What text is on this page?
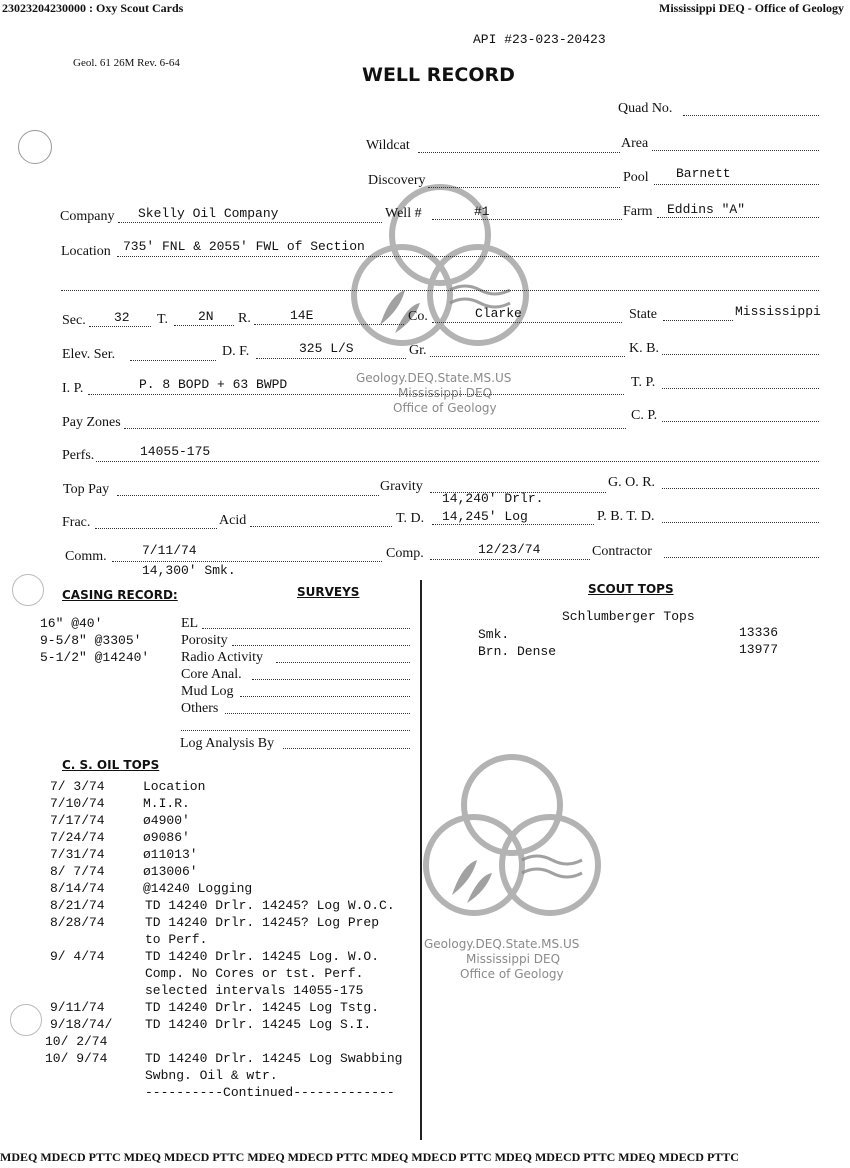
23023204230000 : Oxy Scout Cards	Mississippi DEQ - Office of Geology
Geology.DEQ.State.MS.US
Mississippi DEQ
Office of Geology
Geology.DEQ.State.MS.US
Mississippi DEQ
Office of Geology
API #23-023-20423
Geol. 61 26M Rev. 6-64
WELL RECORD
Quad No.
Wildcat	Area
Discovery	Pool Barnett
Company Skelly Oil Company	Well #	#1	Farm Eddins "A"
Location 735' FNL & 2055' FWL of Section
Sec. 32 T. 2N R.	14E	Co.	Clarke	State	Mississippi
Elev. Ser.	D. F.	325 L/S	Gr.	K. B.
I. P.	P. 8 BOPD + 63 BWPD	T. P.
Pay Zones	C. P.
Perfs.	14055-175
Top Pay	Gravity	G. O. R.
Frac.	Acid	T. D.
14,240' Drlr.
14,245' Log	P. B. T. D.
Comm.	7/11/74
14,300' Smk.
Comp.	12/23/74	Contractor
CASING RECORD:
16" @40'
9-5/8" @3305'
5-1/2" @14240'
SURVEYS
EL
Porosity
Radio Activity
Core Anal.
Mud Log
Others
Log Analysis By
SCOUT TOPS
Schlumberger Tops
Smk.	13336
Brn. Dense	13977
C. S. OIL TOPS
7/ 3/74	Location
7/10/74	M.I.R.
7/17/74	ø4900'
7/24/74	ø9086'
7/31/74	ø11013'
8/ 7/74	ø13006'
8/14/74	@14240 Logging
8/21/74	TD 14240 Drlr. 14245? Log W.O.C.
8/28/74	TD 14240 Drlr. 14245? Log Prep
to Perf.
9/ 4/74	TD 14240 Drlr. 14245 Log. W.O.
Comp. No Cores or tst. Perf.
selected intervals 14055-175
9/11/74	TD 14240 Drlr. 14245 Log Tstg.
9/18/74/	TD 14240 Drlr. 14245 Log S.I.
10/ 2/74
10/ 9/74	TD 14240 Drlr. 14245 Log Swabbing
Swbng. Oil & wtr.
----------Continued-------------
MDEQ MDECD PTTC MDEQ MDECD PTTC MDEQ MDECD PTTC MDEQ MDECD PTTC MDEQ MDECD PTTC MDEQ MDECD PTTC
